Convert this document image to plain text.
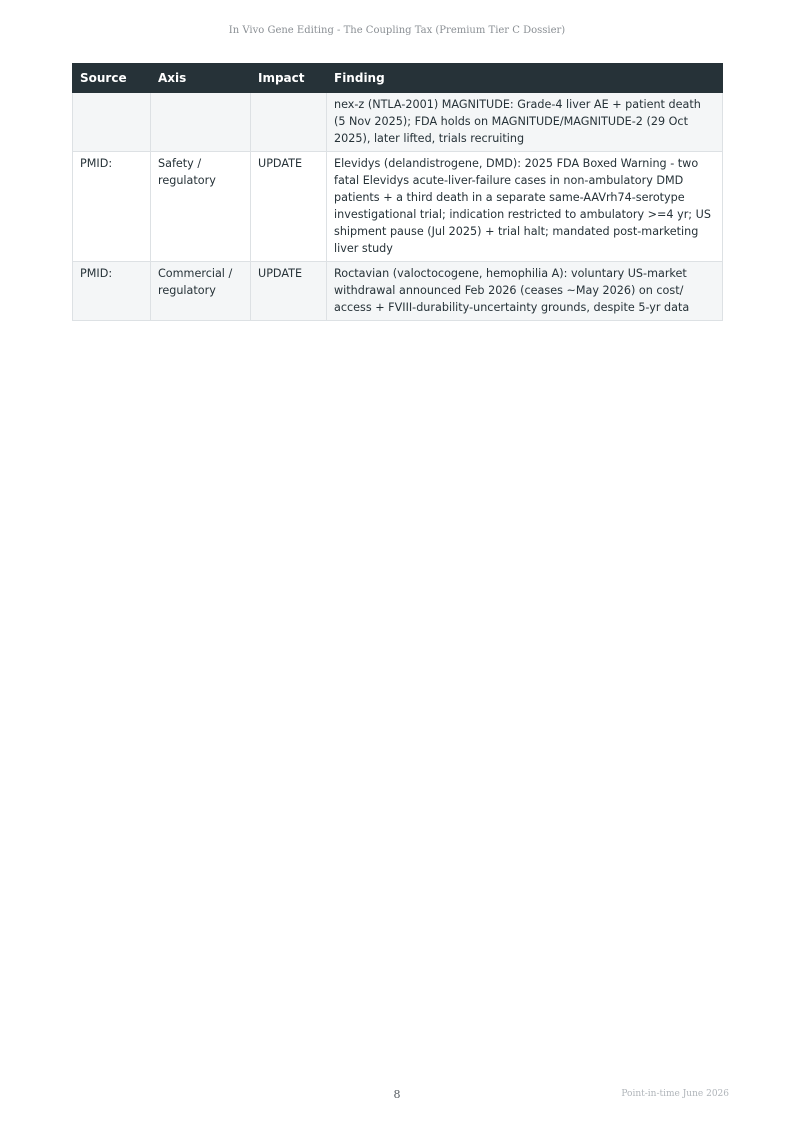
In Vivo Gene Editing - The Coupling Tax (Premium Tier C Dossier)
Source	Axis	Impact	Finding
			nex-z (NTLA-2001) MAGNITUDE: Grade-4 liver AE + patient death (5 Nov 2025); FDA holds on MAGNITUDE/MAGNITUDE-2 (29 Oct 2025), later lifted, trials recruiting
PMID:	Safety / regulatory	UPDATE	Elevidys (delandistrogene, DMD): 2025 FDA Boxed Warning - two fatal Elevidys acute-liver-failure cases in non-ambulatory DMD patients + a third death in a separate same-AAVrh74-serotype investigational trial; indication restricted to ambulatory >=4 yr; US shipment pause (Jul 2025) + trial halt; mandated post-marketing liver study
PMID:	Commercial / regulatory	UPDATE	Roctavian (valoctocogene, hemophilia A): voluntary US-market withdrawal announced Feb 2026 (ceases ~May 2026) on cost/ access + FVIII-durability-uncertainty grounds, despite 5-yr data
8	Point-in-time June 2026
